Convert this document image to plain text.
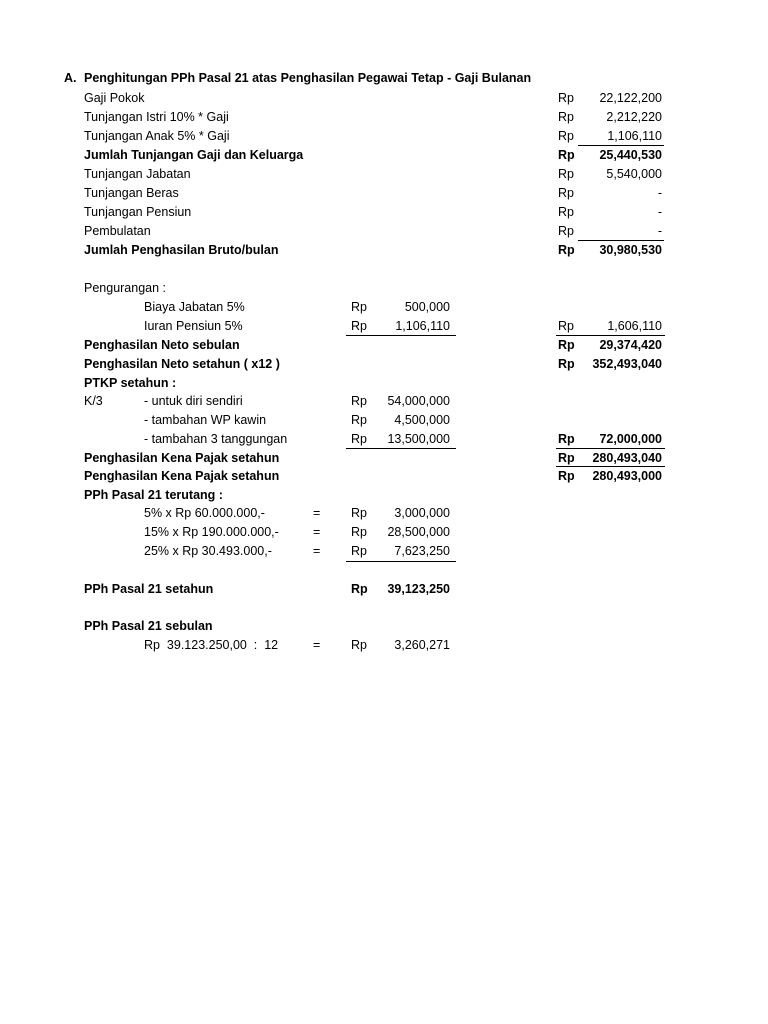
A. Penghitungan PPh Pasal 21 atas Penghasilan Pegawai Tetap - Gaji Bulanan
Gaji Pokok	Rp 22,122,200
Tunjangan Istri 10% * Gaji	Rp	2,212,220
Tunjangan Anak 5% * Gaji	Rp	1,106,110
Jumlah Tunjangan Gaji dan Keluarga	Rp 25,440,530
Tunjangan Jabatan	Rp	5,540,000
Tunjangan Beras	Rp	-
Tunjangan Pensiun	Rp	-
Pembulatan	Rp	-
Jumlah Penghasilan Bruto/bulan	Rp 30,980,530
Pengurangan :
Biaya Jabatan 5%	Rp	500,000
Iuran Pensiun 5%	Rp 1,106,110	Rp	1,606,110
Penghasilan Neto sebulan	Rp 29,374,420
Penghasilan Neto setahun ( x12 )	Rp 352,493,040
PTKP setahun :
K/3	- untuk diri sendiri	Rp 54,000,000
- tambahan WP kawin	Rp 4,500,000
- tambahan 3 tanggungan	Rp 13,500,000	Rp 72,000,000
Penghasilan Kena Pajak setahun	Rp 280,493,040
Penghasilan Kena Pajak setahun	Rp 280,493,000
PPh Pasal 21 terutang :
5% x Rp 60.000.000,-	= Rp 3,000,000
15% x Rp 190.000.000,-	= Rp 28,500,000
25% x Rp 30.493.000,-	= Rp 7,623,250
PPh Pasal 21 setahun	Rp 39,123,250
PPh Pasal 21 sebulan
Rp  39.123.250,00  :  12	= Rp 3,260,271
